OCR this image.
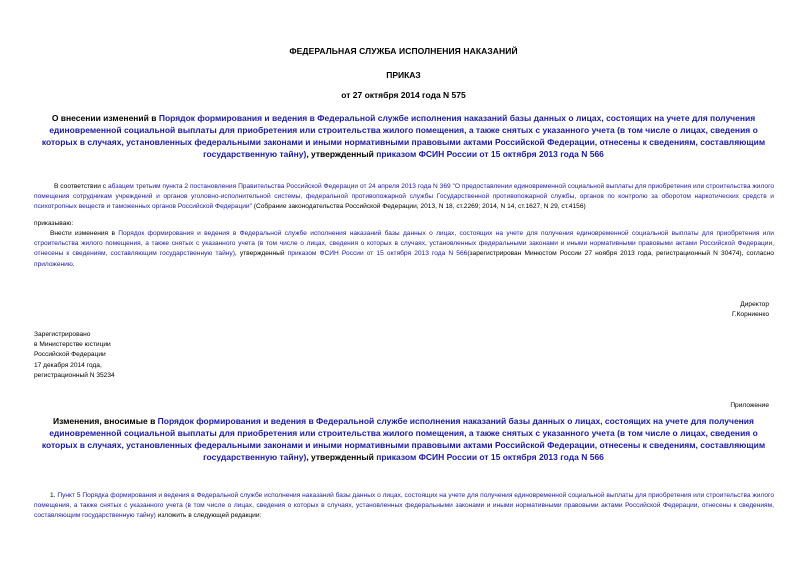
ФЕДЕРАЛЬНАЯ СЛУЖБА ИСПОЛНЕНИЯ НАКАЗАНИЙ
ПРИКАЗ
от 27 октября 2014 года N 575
О внесении изменений в Порядок формирования и ведения в Федеральной службе исполнения наказаний базы данных о лицах, состоящих на учете для получения единовременной социальной выплаты для приобретения или строительства жилого помещения, а также снятых с указанного учета (в том числе о лицах, сведения о которых в случаях, установленных федеральными законами и иными нормативными правовыми актами Российской Федерации, отнесены к сведениям, составляющим государственную тайну), утвержденный приказом ФСИН России от 15 октября 2013 года N 566
В соответствии с абзацем третьим пункта 2 постановления Правительства Российской Федерации от 24 апреля 2013 года N 369 "О предоставлении единовременной социальной выплаты для приобретения или строительства жилого помещения сотрудникам учреждений и органов уголовно-исполнительной системы, федеральной противопожарной службы Государственной противопожарной службы, органов по контролю за оборотом наркотических средств и психотропных веществ и таможенных органов Российской Федерации" (Собрание законодательства Российской Федерации, 2013, N 18, ст.2269; 2014, N 14, ст.1627, N 29, ст.4156)
приказываю:
Внести изменения в Порядок формирования и ведения в Федеральной службе исполнения наказаний базы данных о лицах, состоящих на учете для получения единовременной социальной выплаты для приобретения или строительства жилого помещения, а также снятых с указанного учета (в том числе о лицах, сведения о которых в случаях, установленных федеральными законами и иными нормативными правовыми актами Российской Федерации, отнесены к сведениям, составляющим государственную тайну), утвержденный приказом ФСИН России от 15 октября 2013 года N 566(зарегистрирован Минюстом России 27 ноября 2013 года, регистрационный N 30474), согласно приложению.
Директор
Г.Корниенко
Зарегистрировано
в Министерстве юстиции
Российской Федерации
17 декабря 2014 года,
регистрационный N 35234
Приложение
Изменения, вносимые в Порядок формирования и ведения в Федеральной службе исполнения наказаний базы данных о лицах, состоящих на учете для получения единовременной социальной выплаты для приобретения или строительства жилого помещения, а также снятых с указанного учета (в том числе о лицах, сведения о которых в случаях, установленных федеральными законами и иными нормативными правовыми актами Российской Федерации, отнесены к сведениям, составляющим государственную тайну), утвержденный приказом ФСИН России от 15 октября 2013 года N 566
1. Пункт 5 Порядка формирования и ведения в Федеральной службе исполнения наказаний базы данных о лицах, состоящих на учете для получения единовременной социальной выплаты для приобретения или строительства жилого помещения, а также снятых с указанного учета (в том числе о лицах, сведения о которых в случаях, установленных федеральными законами и иными нормативными правовыми актами Российской Федерации, отнесены к сведениям, составляющим государственную тайну) изложить в следующей редакции:
